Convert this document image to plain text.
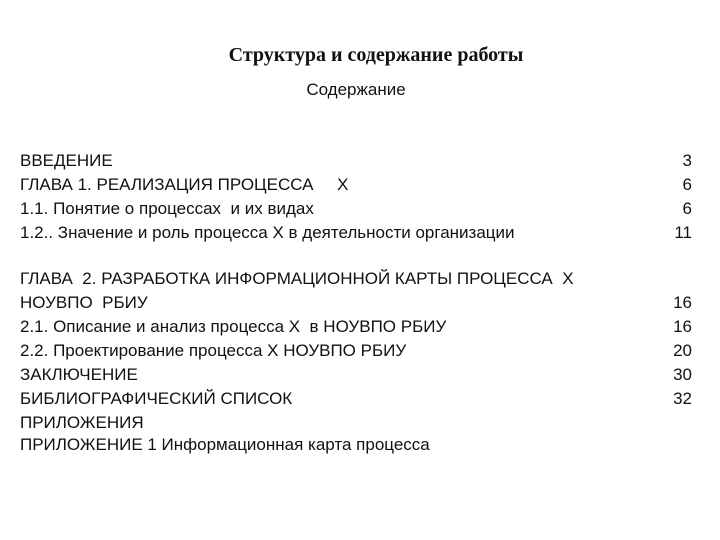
Структура и содержание работы
Содержание
ВВЕДЕНИЕ	3
ГЛАВА 1. РЕАЛИЗАЦИЯ ПРОЦЕССА     Х	6
1.1. Понятие о процессах  и их видах	6
1.2.. Значение и роль процесса Х в деятельности организации	11
ГЛАВА  2. РАЗРАБОТКА ИНФОРМАЦИОННОЙ КАРТЫ ПРОЦЕССА  Х
НОУВПО  РБИУ	16
2.1. Описание и анализ процесса Х  в НОУВПО РБИУ	16
2.2. Проектирование процесса Х НОУВПО РБИУ	20
ЗАКЛЮЧЕНИЕ	30
БИБЛИОГРАФИЧЕСКИЙ СПИСОК	32
ПРИЛОЖЕНИЯ
ПРИЛОЖЕНИЕ 1 Информационная карта процесса
